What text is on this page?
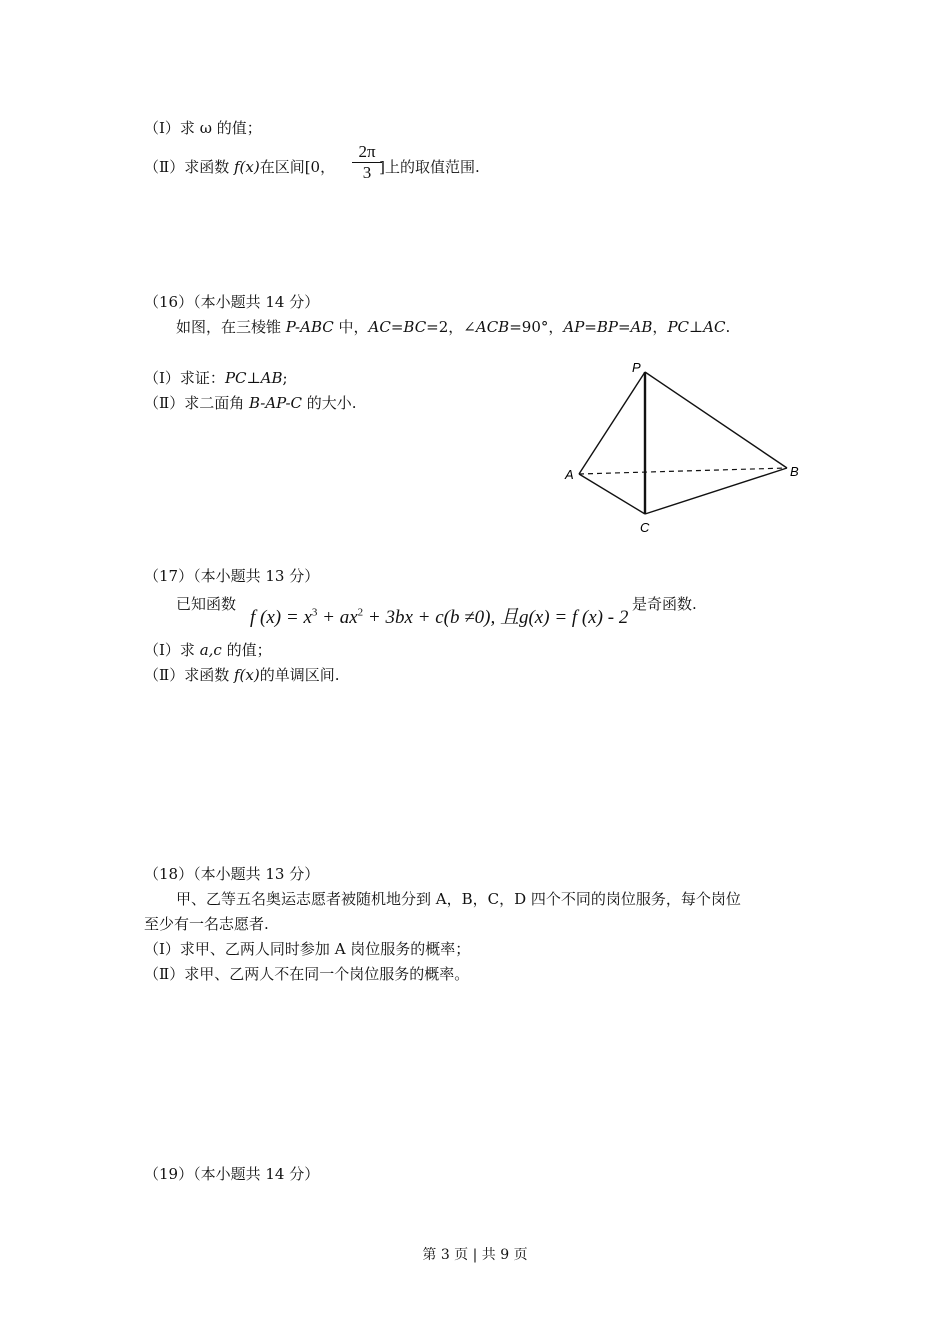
（Ⅰ）求 ω 的值；
（Ⅱ）求函数 f(x)在区间[0，	]上的取值范围.
2π
3
（16）（本小题共 14 分）
如图，在三棱锥 P-ABC 中，AC=BC=2，∠ACB=90°，AP=BP=AB，PC⊥AC.
（Ⅰ）求证：PC⊥AB;
（Ⅱ）求二面角 B-AP-C 的大小.
P
A	B
C
（17）（本小题共 13 分）
已知函数
f $(x) = x^3 + ax^2 + 3bx + c(b \ne 0)$, 且g(x) = f (x) - 2
是奇函数.
（Ⅰ）求 a,c 的值；
（Ⅱ）求函数 f(x)的单调区间.
（18）（本小题共 13 分）
甲、乙等五名奥运志愿者被随机地分到 A，B，C，D 四个不同的岗位服务，每个岗位
至少有一名志愿者.
（Ⅰ）求甲、乙两人同时参加 A 岗位服务的概率；
（Ⅱ）求甲、乙两人不在同一个岗位服务的概率。
（19）（本小题共 14 分）
第 3 页 | 共 9 页
